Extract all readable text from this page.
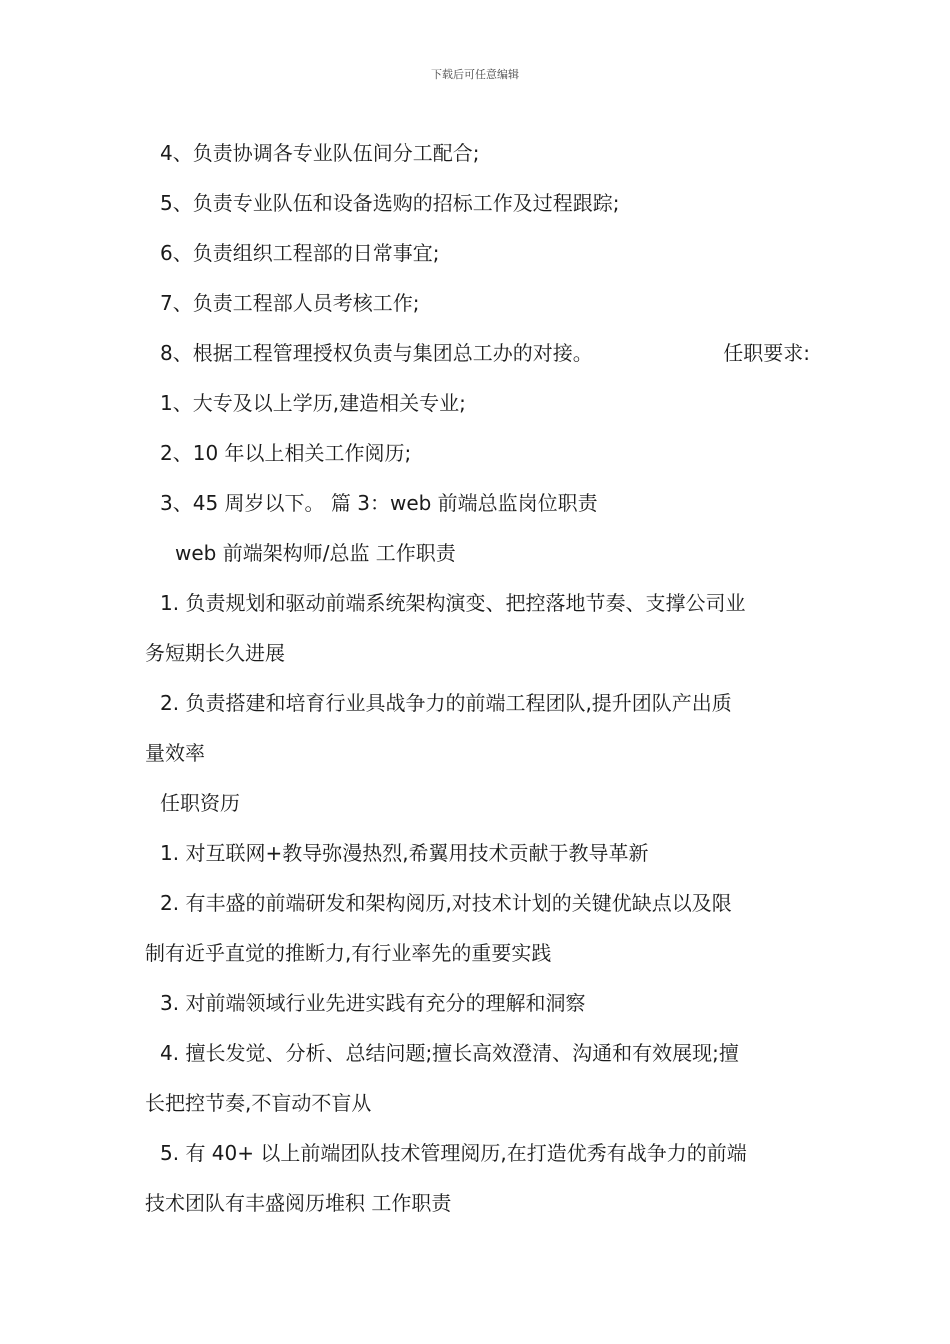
下载后可任意编辑
4、负责协调各专业队伍间分工配合;
5、负责专业队伍和设备选购的招标工作及过程跟踪;
6、负责组织工程部的日常事宜;
7、负责工程部人员考核工作;
8、根据工程管理授权负责与集团总工办的对接。	任职要求:
1、大专及以上学历,建造相关专业;
2、10 年以上相关工作阅历;
3、45 周岁以下。 篇 3：web 前端总监岗位职责
web 前端架构师/总监 工作职责
1. 负责规划和驱动前端系统架构演变、把控落地节奏、支撑公司业
务短期长久进展
2. 负责搭建和培育行业具战争力的前端工程团队,提升团队产出质
量效率
任职资历
1. 对互联网+教导弥漫热烈,希翼用技术贡献于教导革新
2. 有丰盛的前端研发和架构阅历,对技术计划的关键优缺点以及限
制有近乎直觉的推断力,有行业率先的重要实践
3. 对前端领域行业先进实践有充分的理解和洞察
4. 擅长发觉、分析、总结问题;擅长高效澄清、沟通和有效展现;擅
长把控节奏,不盲动不盲从
5. 有 40+ 以上前端团队技术管理阅历,在打造优秀有战争力的前端
技术团队有丰盛阅历堆积 工作职责
